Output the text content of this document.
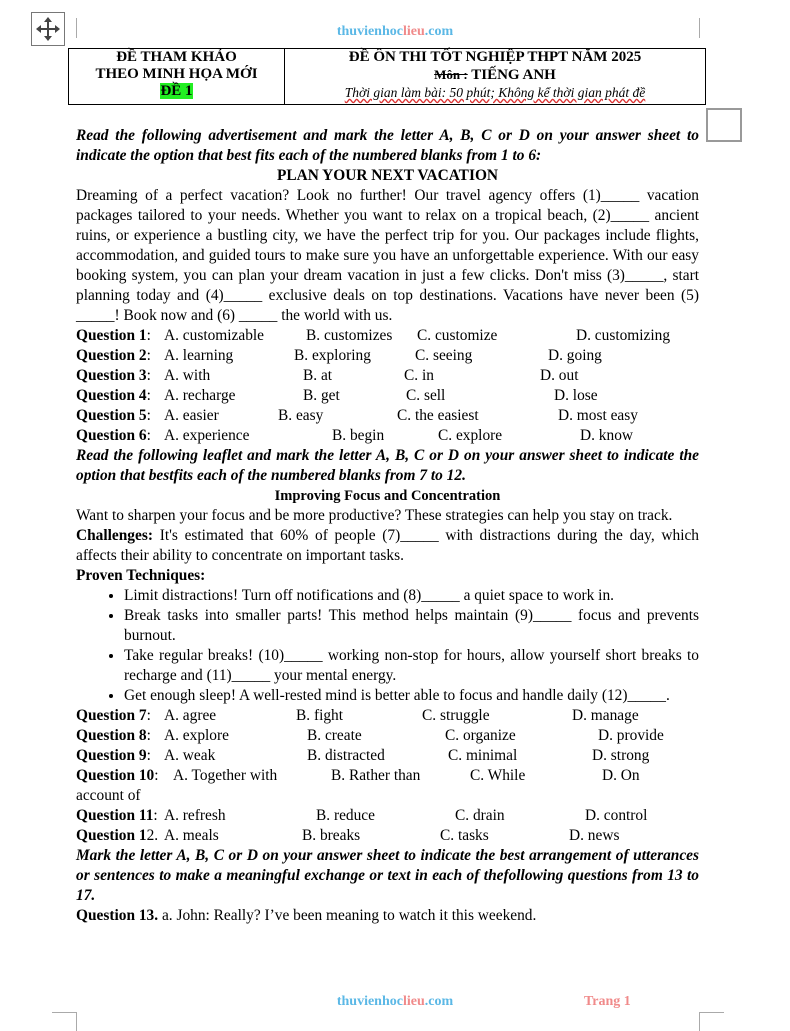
thuvienhoclieu.com
ĐỀ THAM KHẢO
THEO MINH HỌA MỚI
ĐỀ 1

ĐỀ ÔN THI TỐT NGHIỆP THPT NĂM 2025
Môn : TIẾNG ANH
Thời gian làm bài: 50 phút; Không kể thời gian phát đề

Read the following advertisement and mark the letter A, B, C or D on your answer sheet to indicate the option that best fits each of the numbered blanks from 1 to 6:

PLAN YOUR NEXT VACATION

Dreaming of a perfect vacation? Look no further! Our travel agency offers (1)_____ vacation packages tailored to your needs. Whether you want to relax on a tropical beach, (2)_____ ancient ruins, or experience a bustling city, we have the perfect trip for you. Our packages include flights, accommodation, and guided tours to make sure you have an unforgettable experience. With our easy booking system, you can plan your dream vacation in just a few clicks. Don't miss (3)_____, start planning today and (4)_____ exclusive deals on top destinations. Vacations have never been (5) _____! Book now and (6) _____ the world with us.

Question 1: A. customizable	B. customizes	C. customize	D. customizing
Question 2: A. learning	B. exploring	C. seeing	D. going
Question 3: A. with	B. at	C. in	D. out
Question 4: A. recharge	B. get	C. sell	D. lose
Question 5: A. easier	B. easy	C. the easiest	D. most easy
Question 6: A. experience	B. begin	C. explore	D. know

Read the following leaflet and mark the letter A, B, C or D on your answer sheet to indicate the option that bestfits each of the numbered blanks from 7 to 12.

Improving Focus and Concentration

Want to sharpen your focus and be more productive? These strategies can help you stay on track.

Challenges: It's estimated that 60% of people (7)_____ with distractions during the day, which affects their ability to concentrate on important tasks.

Proven Techniques:

• Limit distractions! Turn off notifications and (8)_____ a quiet space to work in.
• Break tasks into smaller parts! This method helps maintain (9)_____ focus and prevents burnout.
• Take regular breaks! (10)_____ working non-stop for hours, allow yourself short breaks to recharge and (11)_____ your mental energy.
• Get enough sleep! A well-rested mind is better able to focus and handle daily (12)_____.
Question 7: A. agree	B. fight	C. struggle	D. manage
Question 8: A. explore	B. create	C. organize	D. provide
Question 9: A. weak	B. distracted	C. minimal	D. strong
Question 10: A. Together with	B. Rather than	C. While	D. On

account of

Question 11: A. refresh	B. reduce	C. drain	D. control
Question 12. A. meals	B. breaks	C. tasks	D. news

Mark the letter A, B, C or D on your answer sheet to indicate the best arrangement of utterances or sentences to make a meaningful exchange or text in each of thefollowing questions from 13 to 17.

Question 13. a. John: Really? I’ve been meaning to watch it this weekend.

thuvienhoclieu.com	Trang 1
